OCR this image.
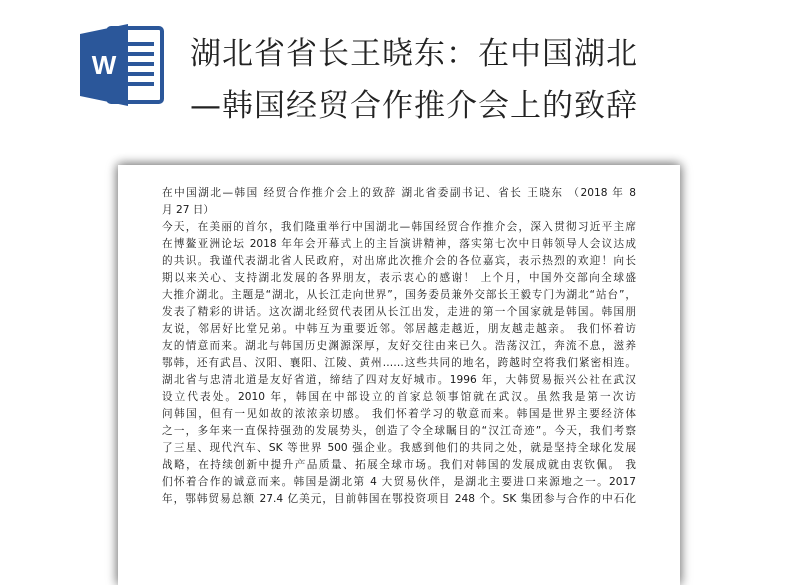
W 湖北省省长王晓东：在中国湖北
—韩国经贸合作推介会上的致辞
在中国湖北—韩国 经贸合作推介会上的致辞 湖北省委副书记、省长 王晓东 （2018 年 8
月 27 日）
今天，在美丽的首尔，我们隆重举行中国湖北—韩国经贸合作推介会，深入贯彻习近平主席
在博鳌亚洲论坛 2018 年年会开幕式上的主旨演讲精神，落实第七次中日韩领导人会议达成
的共识。我谨代表湖北省人民政府，对出席此次推介会的各位嘉宾，表示热烈的欢迎！向长
期以来关心、支持湖北发展的各界朋友，表示衷心的感谢！ 上个月，中国外交部向全球盛
大推介湖北。主题是“湖北，从长江走向世界”，国务委员兼外交部长王毅专门为湖北“站台”，
发表了精彩的讲话。这次湖北经贸代表团从长江出发，走进的第一个国家就是韩国。韩国朋
友说，邻居好比堂兄弟。中韩互为重要近邻。邻居越走越近，朋友越走越亲。 我们怀着访
友的情意而来。湖北与韩国历史渊源深厚，友好交往由来已久。浩荡汉江，奔流不息，滋养
鄂韩，还有武昌、汉阳、襄阳、江陵、黄州……这些共同的地名，跨越时空将我们紧密相连。
湖北省与忠清北道是友好省道，缔结了四对友好城市。1996 年，大韩贸易振兴公社在武汉
设立代表处。2010 年，韩国在中部设立的首家总领事馆就在武汉。虽然我是第一次访
问韩国，但有一见如故的浓浓亲切感。 我们怀着学习的敬意而来。韩国是世界主要经济体
之一，多年来一直保持强劲的发展势头，创造了令全球瞩目的“汉江奇迹”。今天，我们考察
了三星、现代汽车、SK 等世界 500 强企业。我感到他们的共同之处，就是坚持全球化发展
战略，在持续创新中提升产品质量、拓展全球市场。我们对韩国的发展成就由衷钦佩。 我
们怀着合作的诚意而来。韩国是湖北第 4 大贸易伙伴，是湖北主要进口来源地之一。2017
年，鄂韩贸易总额 27.4 亿美元，目前韩国在鄂投资项目 248 个。SK 集团参与合作的中石化
